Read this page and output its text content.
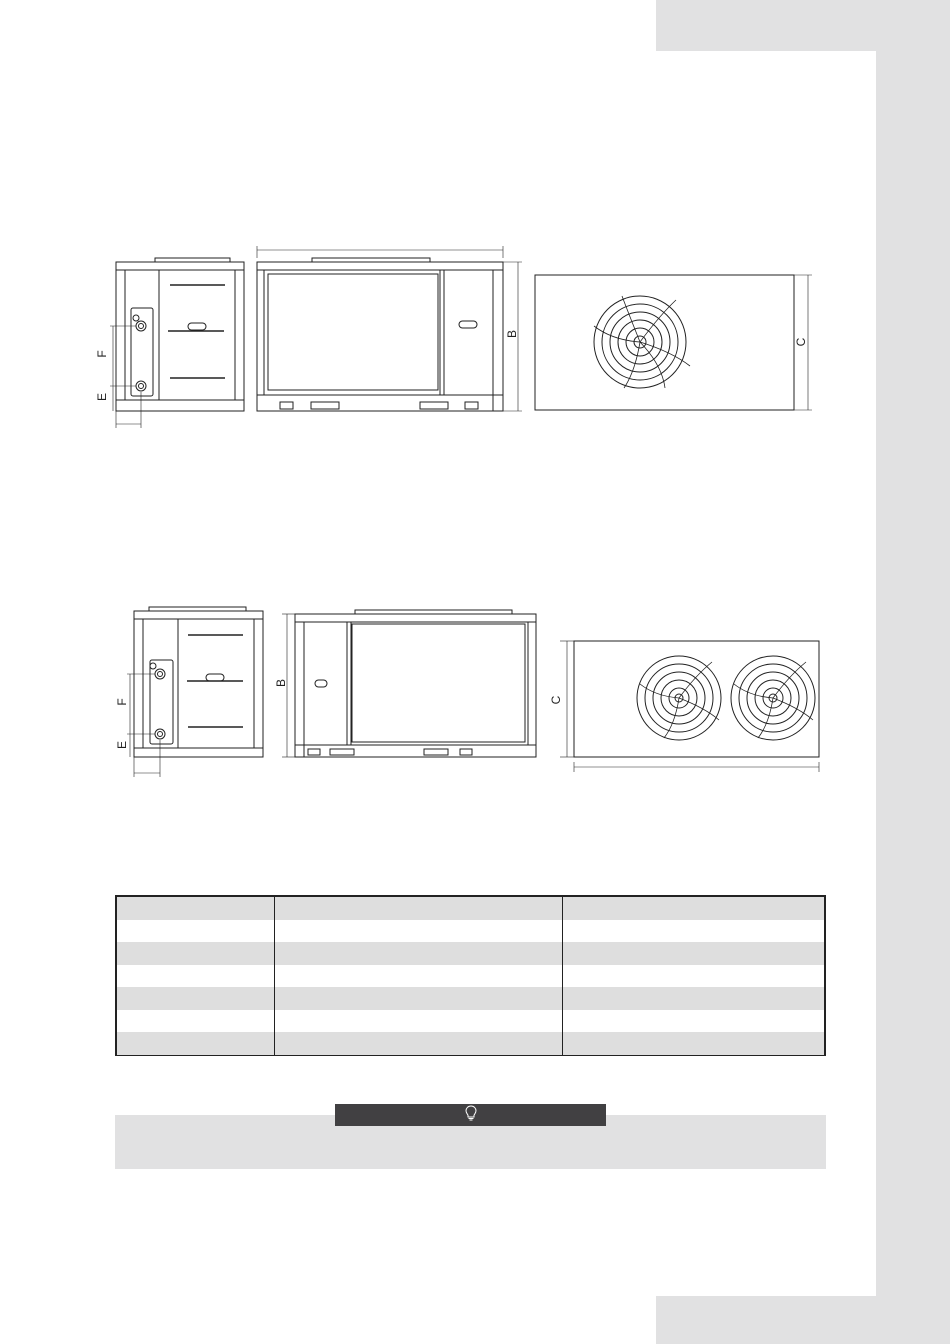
B
C
F
E
B
C
F
E
